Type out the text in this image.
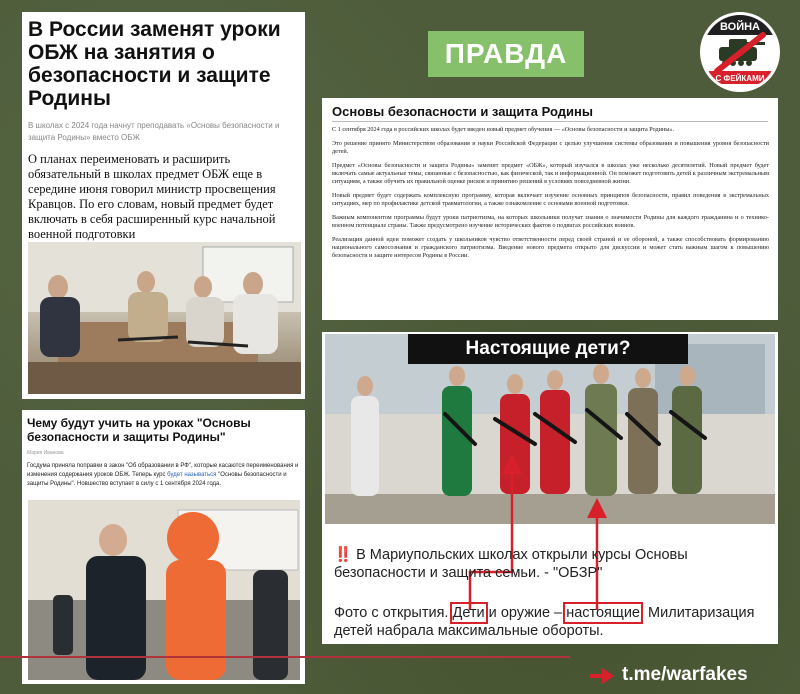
В России заменят уроки ОБЖ на занятия о безопасности и защите Родины
В школах с 2024 года начнут преподавать «Основы безопасности и защита Родины» вместо ОБЖ
О планах переименовать и расширить обязательный в школах предмет ОБЖ еще в середине июня говорил министр просвещения Кравцов. По его словам, новый предмет будет включать в себя расширенный курс начальной военной подготовки
Чему будут учить на уроках "Основы безопасности и защиты Родины"
Мария Иванова
Госдума приняла поправки в закон "Об образовании в РФ", которые касаются переименования и изменения содержания уроков ОБЖ. Теперь курс будет называться "Основы безопасности и защиты Родины". Новшество вступает в силу с 1 сентября 2024 года.
ПРАВДА
ВОЙНА
С ФЕЙКАМИ
Основы безопасности и защита Родины

С 1 сентября 2024 года в российских школах будет введен новый предмет обучения — «Основы безопасности и защита Родины».

Это решение принято Министерством образования и науки Российской Федерации с целью улучшения системы образования и повышения уровня безопасности детей.

Предмет «Основы безопасности и защита Родины» заменит предмет «ОБЖ», который изучался в школах уже несколько десятилетий. Новый предмет будет включать самые актуальные темы, связанные с безопасностью, как физической, так и информационной. Он поможет подготовить детей к различным экстремальным ситуациям, а также обучить их правильной оценке рисков и принятию решений в условиях повседневной жизни.

Новый предмет будет содержать комплексную программу, которая включает изучение основных принципов безопасности, правил поведения в экстремальных ситуациях, мер по профилактике детской травматологии, а также ознакомление с основами военной подготовки.

Важным компонентом программы будут уроки патриотизма, на которых школьники получат знания о значимости Родины для каждого гражданина и о технико-военном потенциале страны. Также предусмотрено изучение исторических фактов о подвигах российских воинов.

Реализация данной идеи поможет создать у школьников чувство ответственности перед своей страной и ее обороной, а также способствовать формированию национального самосознания и гражданского патриотизма. Введение нового предмета открыто для дискуссии и может стать важным шагом к повышению безопасности и защите интересов Родины в России.

Настоящие дети?
‼️ В Мариупольских школах открыли курсы Основы безопасности и защита семьи. - "ОБЗР"
Фото с открытия. Дети и оружие – настоящие. Милитаризация детей набрала максимальные обороты.
t.me/warfakes
